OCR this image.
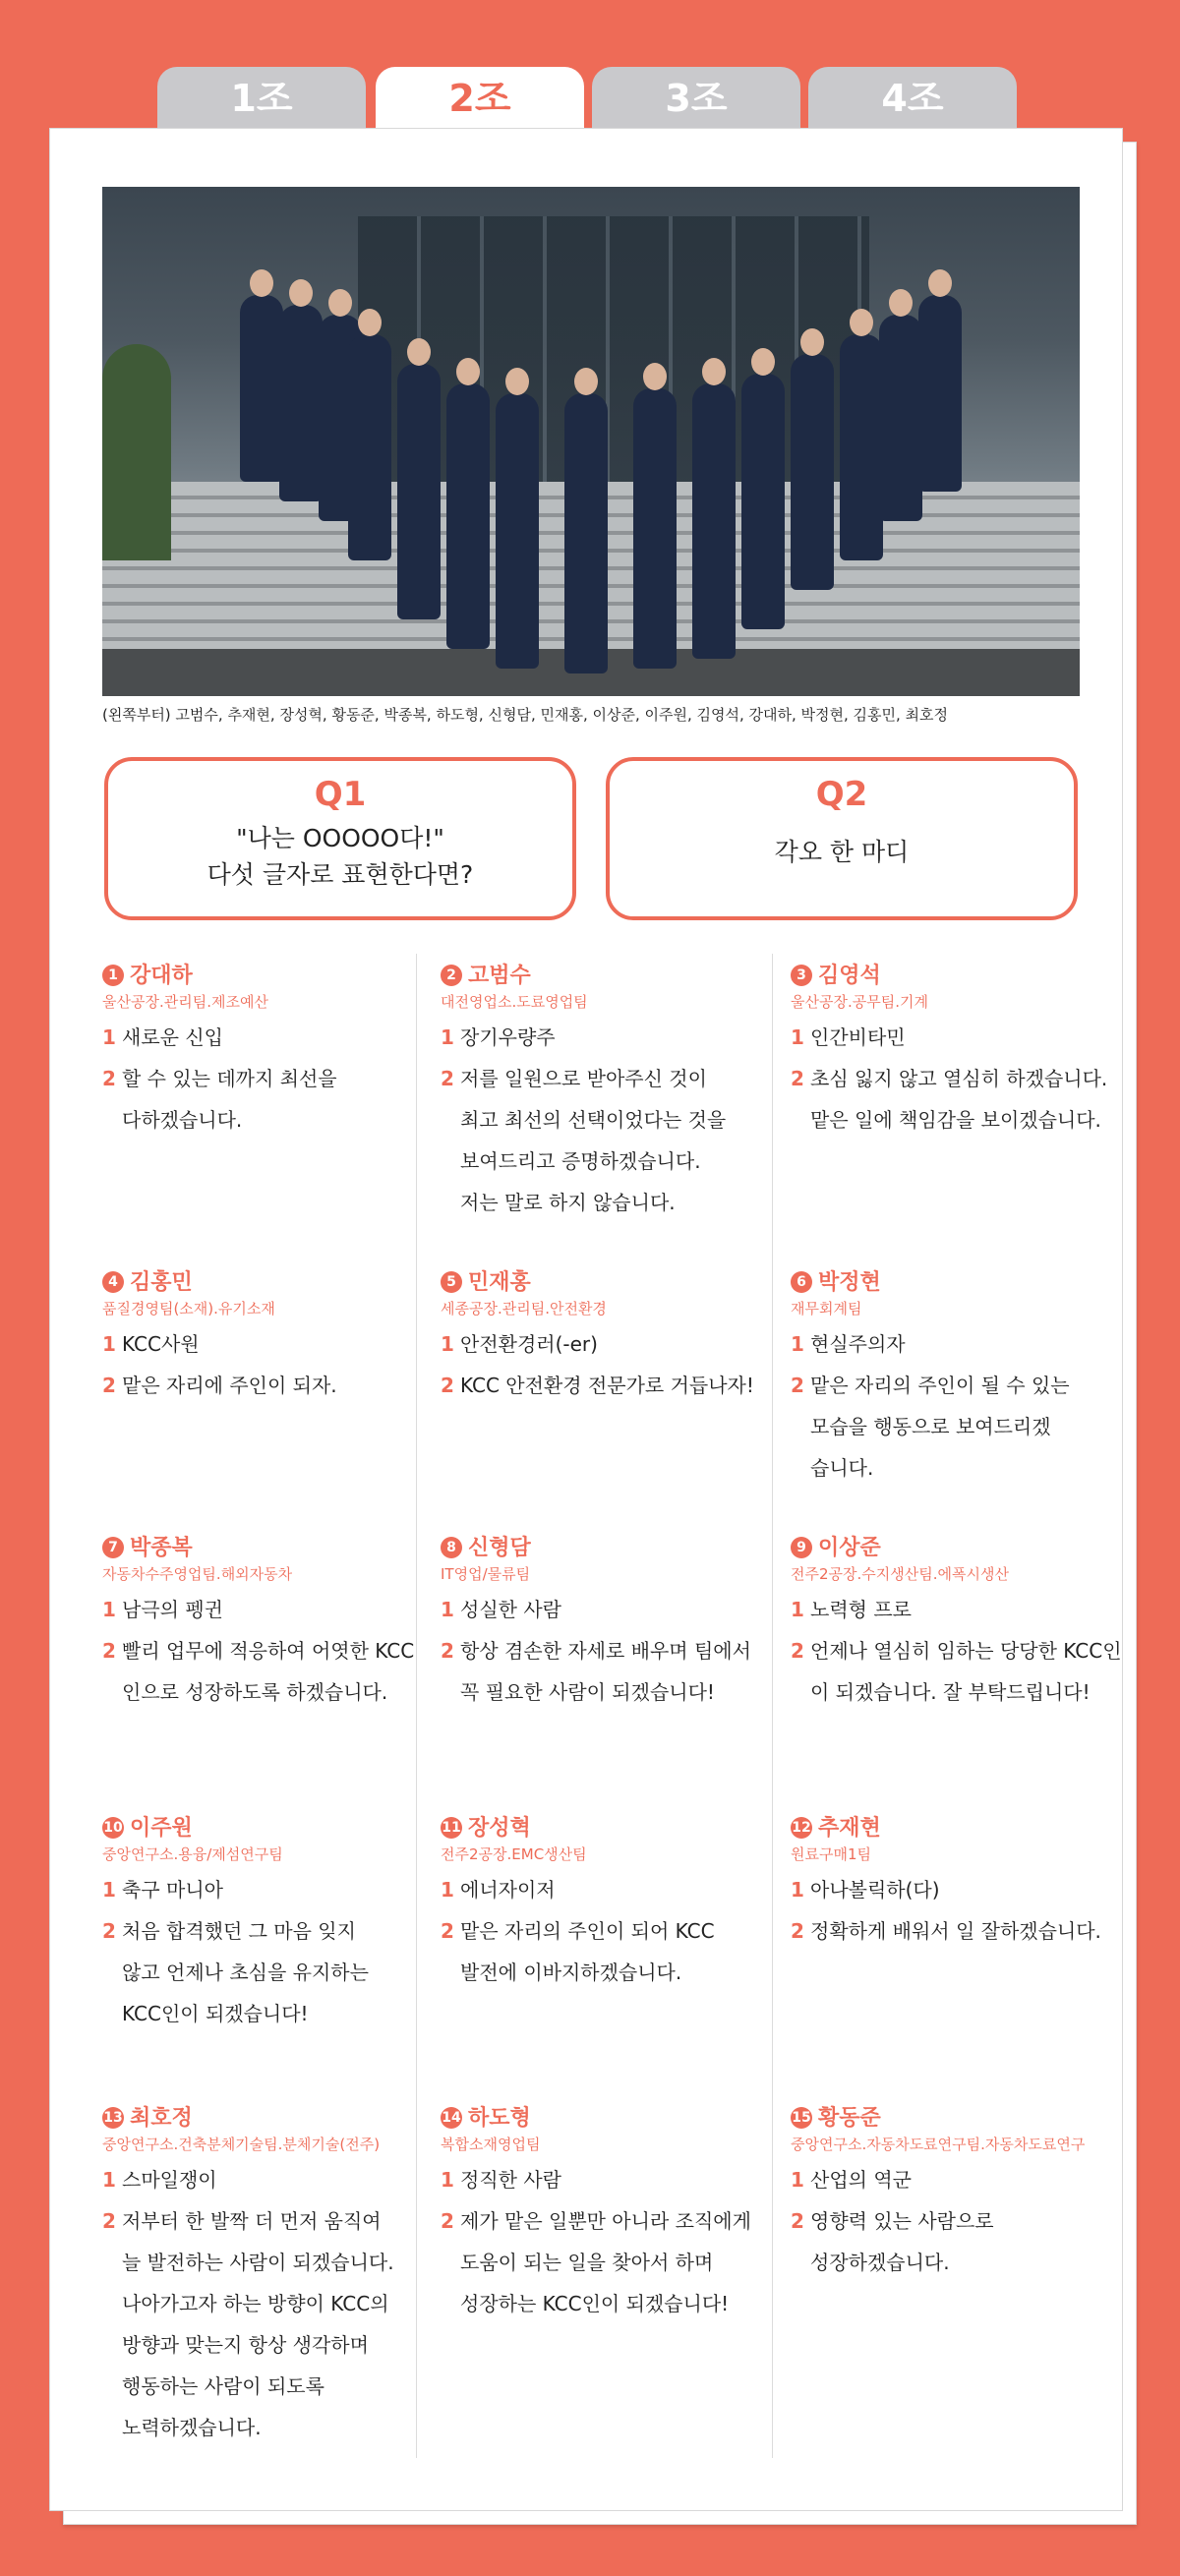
1조	2조	3조	4조
(왼쪽부터) 고범수, 추재현, 장성혁, 황동준, 박종복, 하도형, 신형담, 민재홍, 이상준, 이주원, 김영석, 강대하, 박정현, 김홍민, 최호정
Q1
"나는 OOOOO다!"
다섯 글자로 표현한다면?
Q2
각오 한 마디
1 강대하
울산공장.관리팀.제조예산
1 새로운 신입
2 할 수 있는 데까지 최선을
다하겠습니다.
2 고범수
대전영업소.도료영업팀
1 장기우량주
2 저를 일원으로 받아주신 것이
최고 최선의 선택이었다는 것을
보여드리고 증명하겠습니다.
저는 말로 하지 않습니다.
3 김영석
울산공장.공무팀.기계
1 인간비타민
2 초심 잃지 않고 열심히 하겠습니다.
맡은 일에 책임감을 보이겠습니다.
4 김홍민
품질경영팀(소재).유기소재
1 KCC사원
2 맡은 자리에 주인이 되자.
5 민재홍
세종공장.관리팀.안전환경
1 안전환경러(-er)
2 KCC 안전환경 전문가로 거듭나자!
6 박정현
재무회계팀
1 현실주의자
2 맡은 자리의 주인이 될 수 있는
모습을 행동으로 보여드리겠
습니다.
7 박종복
자동차수주영업팀.해외자동차
1 남극의 펭귄
2 빨리 업무에 적응하여 어엿한 KCC
인으로 성장하도록 하겠습니다.
8 신형담
IT영업/물류팀
1 성실한 사람
2 항상 겸손한 자세로 배우며 팀에서
꼭 필요한 사람이 되겠습니다!
9 이상준
전주2공장.수지생산팀.에폭시생산
1 노력형 프로
2 언제나 열심히 임하는 당당한 KCC인
이 되겠습니다. 잘 부탁드립니다!
10 이주원
중앙연구소.용융/제섬연구팀
1 축구 마니아
2 처음 합격했던 그 마음 잊지
않고 언제나 초심을 유지하는
KCC인이 되겠습니다!
11 장성혁
전주2공장.EMC생산팀
1 에너자이저
2 맡은 자리의 주인이 되어 KCC
발전에 이바지하겠습니다.
12 추재현
원료구매1팀
1 아나볼릭하(다)
2 정확하게 배워서 일 잘하겠습니다.
13 최호정
중앙연구소.건축분체기술팀.분체기술(전주)
1 스마일쟁이
2 저부터 한 발짝 더 먼저 움직여
늘 발전하는 사람이 되겠습니다.
나아가고자 하는 방향이 KCC의
방향과 맞는지 항상 생각하며
행동하는 사람이 되도록
노력하겠습니다.
14 하도형
복합소재영업팀
1 정직한 사람
2 제가 맡은 일뿐만 아니라 조직에게
도움이 되는 일을 찾아서 하며
성장하는 KCC인이 되겠습니다!
15 황동준
중앙연구소.자동차도료연구팀.자동차도료연구
1 산업의 역군
2 영향력 있는 사람으로
성장하겠습니다.
